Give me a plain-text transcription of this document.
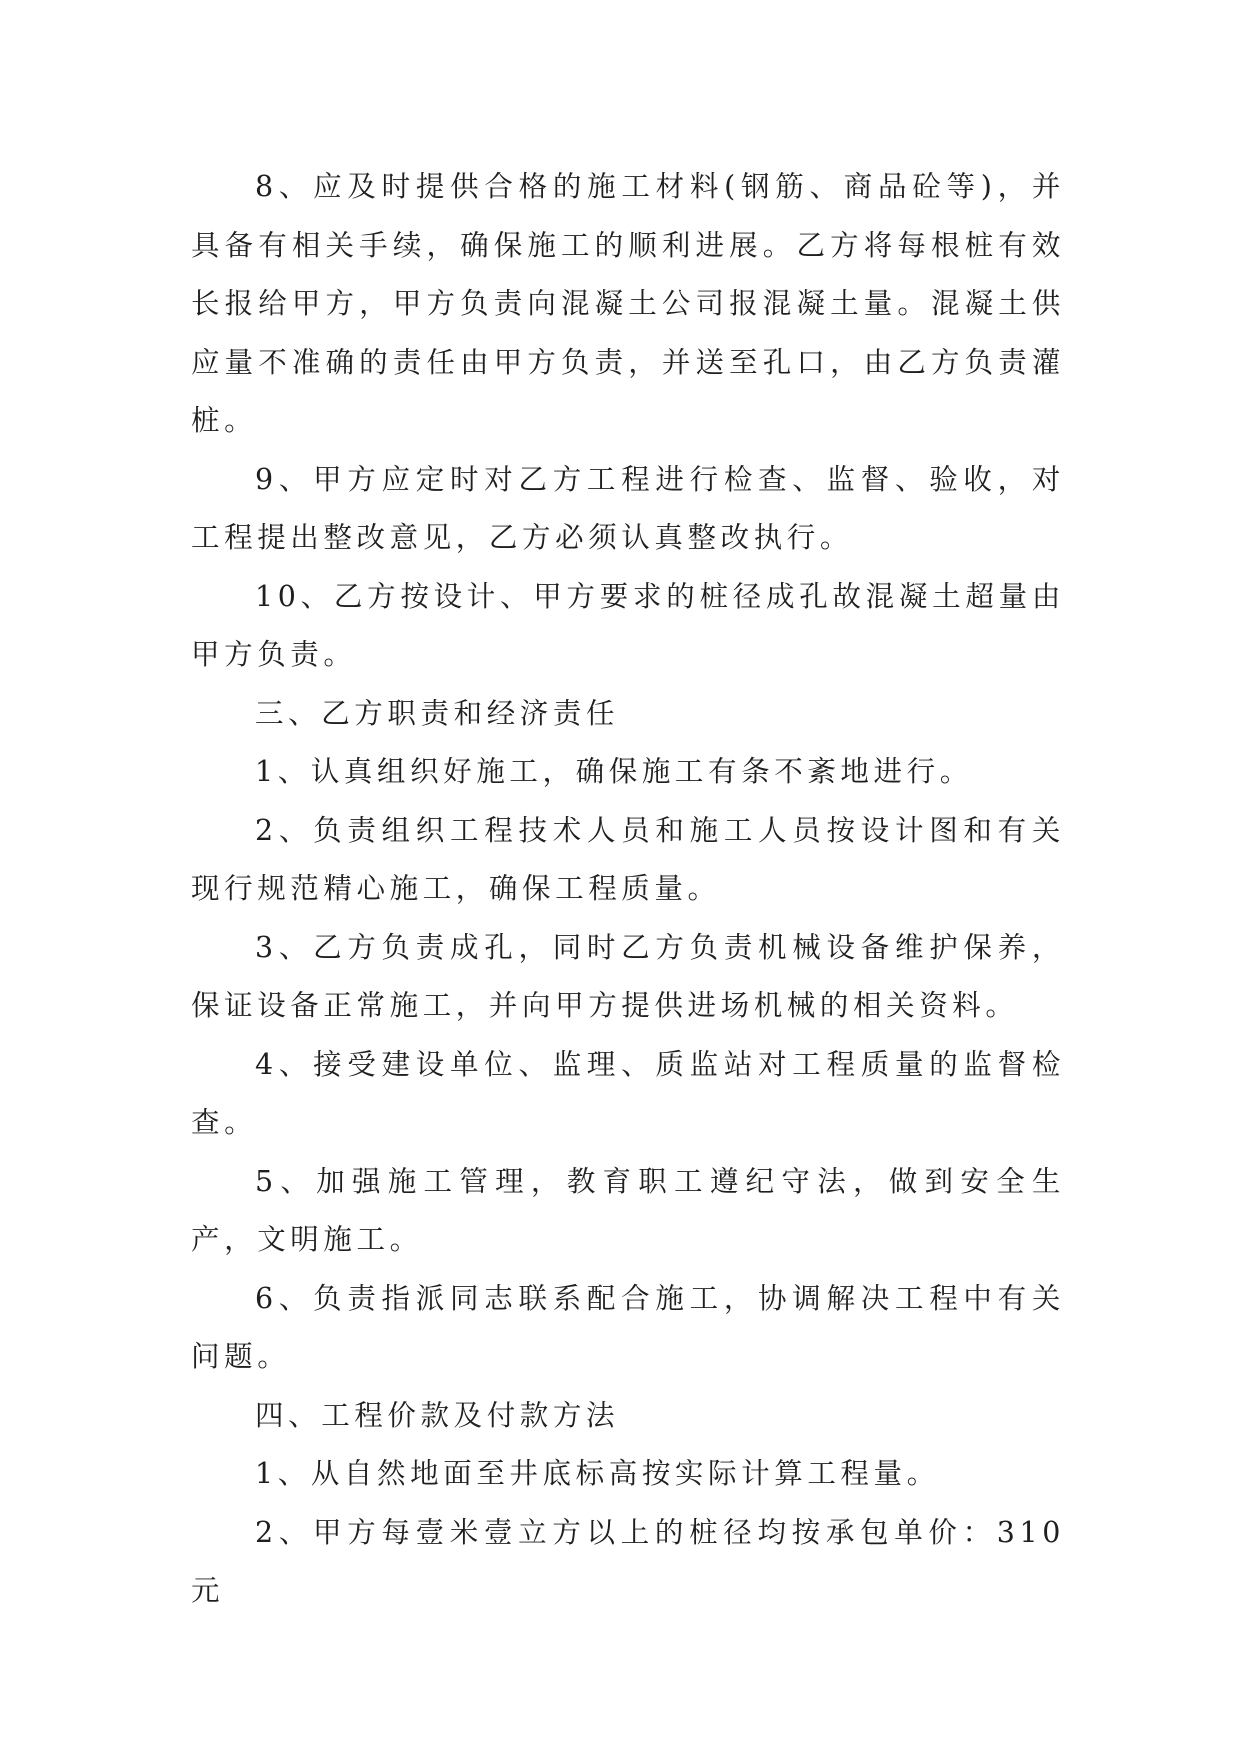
8、应及时提供合格的施工材料(钢筋、商品砼等)，并具备有相关手续，确保施工的顺利进展。乙方将每根桩有效长报给甲方，甲方负责向混凝土公司报混凝土量。混凝土供应量不准确的责任由甲方负责，并送至孔口，由乙方负责灌桩。

9、甲方应定时对乙方工程进行检查、监督、验收，对工程提出整改意见，乙方必须认真整改执行。

10、乙方按设计、甲方要求的桩径成孔故混凝土超量由甲方负责。

三、乙方职责和经济责任

1、认真组织好施工，确保施工有条不紊地进行。

2、负责组织工程技术人员和施工人员按设计图和有关现行规范精心施工，确保工程质量。

3、乙方负责成孔，同时乙方负责机械设备维护保养，保证设备正常施工，并向甲方提供进场机械的相关资料。

4、接受建设单位、监理、质监站对工程质量的监督检查。

5、加强施工管理，教育职工遵纪守法，做到安全生产，文明施工。

6、负责指派同志联系配合施工，协调解决工程中有关问题。

四、工程价款及付款方法

1、从自然地面至井底标高按实际计算工程量。

2、甲方每壹米壹立方以上的桩径均按承包单价：310元
